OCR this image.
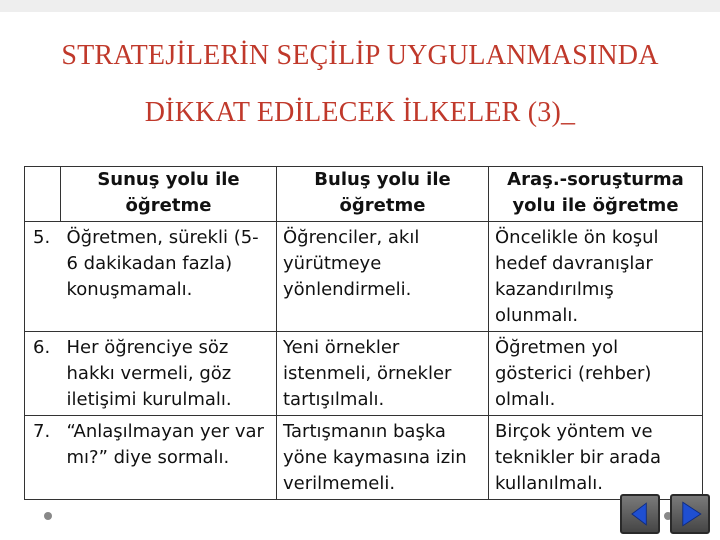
STRATEJİLERİN SEÇİLİP UYGULANMASINDA
DİKKAT EDİLECEK İLKELER (3)_
	Sunuş yolu ile öğretme	Buluş yolu ile öğretme	Araş.-soruşturma yolu ile öğretme
5.	Öğretmen, sürekli (5-6 dakikadan fazla) konuşmamalı.	Öğrenciler, akıl yürütmeye yönlendirmeli.	Öncelikle ön koşul hedef davranışlar kazandırılmış olunmalı.
6.	Her öğrenciye söz hakkı vermeli, göz iletişimi kurulmalı.	Yeni örnekler istenmeli, örnekler tartışılmalı.	Öğretmen yol gösterici (rehber) olmalı.
7.	“Anlaşılmayan yer var mı?” diye sormalı.	Tartışmanın başka yöne kaymasına izin verilmemeli.	Birçok yöntem ve teknikler bir arada kullanılmalı.
